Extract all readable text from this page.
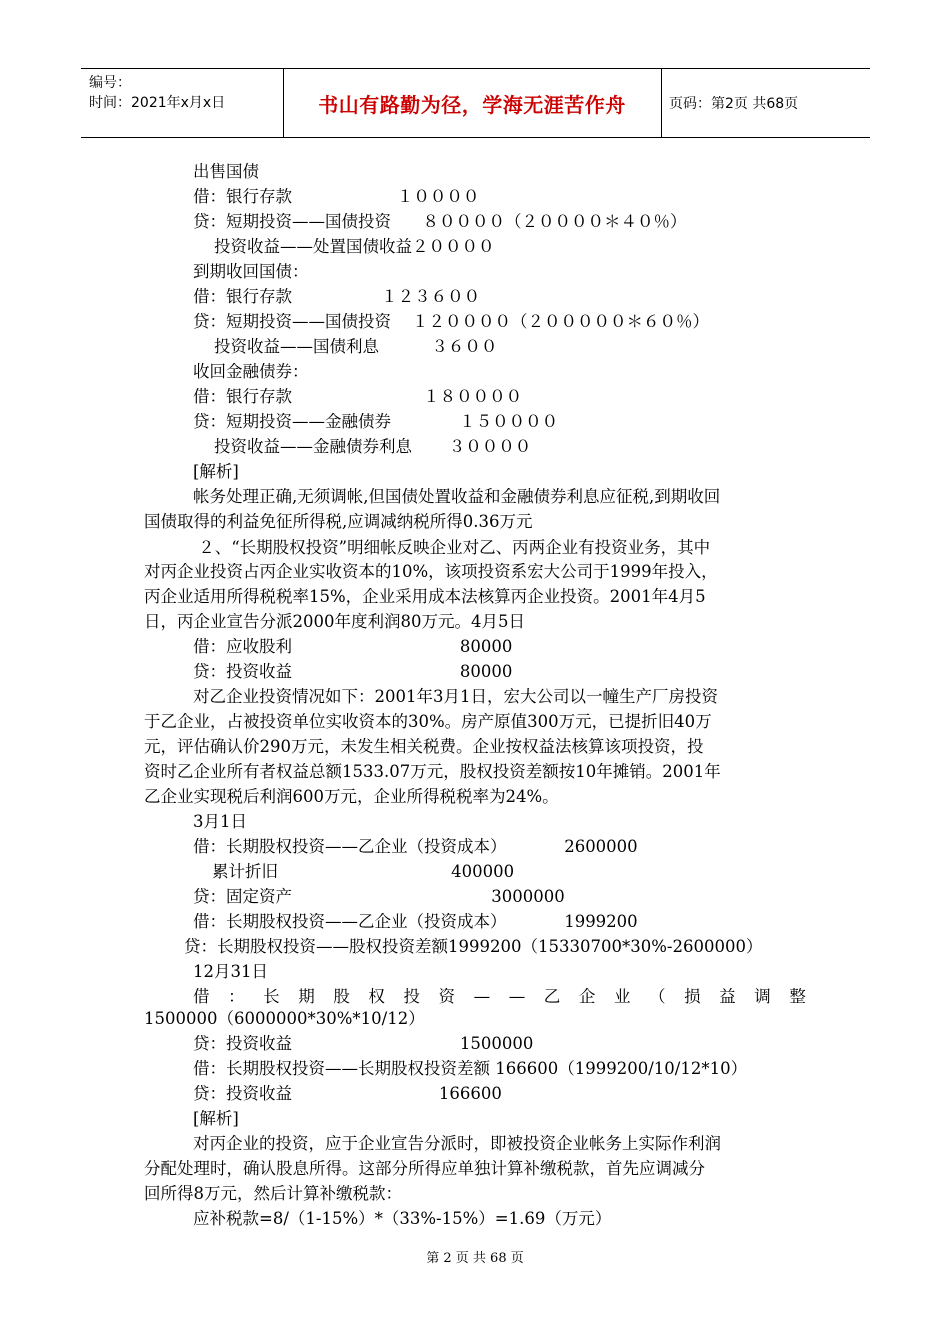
编号：
时间：2021年x月x日	书山有路勤为径，学海无涯苦作舟	页码：第2页 共68页
出售国债
借：银行存款                    １００００
贷：短期投资——国债投资      ８００００（２００００＊４０％）
投资收益——处置国债收益２００００
到期收回国债：
借：银行存款                 １２３６００
贷：短期投资——国债投资    １２００００（２０００００＊６０％）
投资收益——国债利息          ３６００
收回金融债券：
借：银行存款                         １８００００
贷：短期投资——金融债券             １５００００
投资收益——金融债券利息       ３００００
[解析]
帐务处理正确,无须调帐,但国债处置收益和金融债券利息应征税,到期收回
国债取得的利益免征所得税,应调减纳税所得0.36万元
２、“长期股权投资”明细帐反映企业对乙、丙两企业有投资业务，其中
对丙企业投资占丙企业实收资本的10%，该项投资系宏大公司于1999年投入，
丙企业适用所得税税率15%，企业采用成本法核算丙企业投资。2001年4月5
日，丙企业宣告分派2000年度利润80万元。4月5日
借：应收股利                                80000
贷：投资收益                                80000
对乙企业投资情况如下：2001年3月1日，宏大公司以一幢生产厂房投资
于乙企业，占被投资单位实收资本的30%。房产原值300万元，已提折旧40万
元，评估确认价290万元，未发生相关税费。企业按权益法核算该项投资，投
资时乙企业所有者权益总额1533.07万元，股权投资差额按10年摊销。2001年
乙企业实现税后利润600万元，企业所得税税率为24%。
3月1日
借：长期股权投资——乙企业（投资成本）           2600000
累计折旧                                 400000
贷：固定资产                                      3000000
借：长期股权投资——乙企业（投资成本）           1999200
贷：长期股权投资——股权投资差额1999200（15330700*30%-2600000）
12月31日
借 ： 长 期 股 权 投 资 — — 乙 企 业 （ 损 益 调 整
1500000（6000000*30%*10/12）
贷：投资收益                                1500000
借：长期股权投资——长期股权投资差额 166600（1999200/10/12*10）
贷：投资收益                            166600
[解析]
对丙企业的投资，应于企业宣告分派时，即被投资企业帐务上实际作利润
分配处理时，确认股息所得。这部分所得应单独计算补缴税款，首先应调减分
回所得8万元，然后计算补缴税款：
应补税款=8/（1-15%）*（33%-15%）=1.69（万元）
第 2 页 共 68 页
